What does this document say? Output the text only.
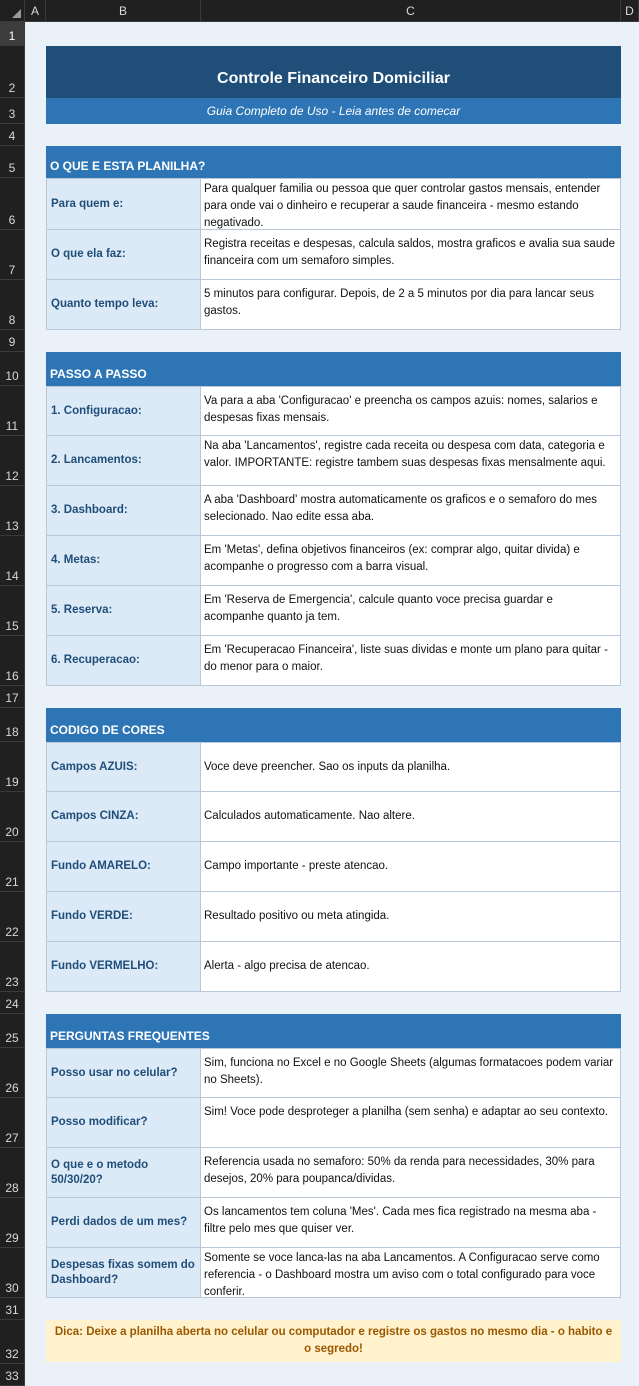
A	B	C	D
1
2
3
4
5
6
7
8
9
10
11
12
13
14
15
16
17
18
19
20
21
22
23
24
25
26
27
28
29
30
31
32
33
Controle Financeiro Domiciliar
Guia Completo de Uso - Leia antes de comecar
O QUE E ESTA PLANILHA?
Para quem e:
Para qualquer familia ou pessoa que quer controlar gastos mensais, entender para onde vai o dinheiro e recuperar a saude financeira - mesmo estando negativado.
O que ela faz:
Registra receitas e despesas, calcula saldos, mostra graficos e avalia sua saude financeira com um semaforo simples.
Quanto tempo leva:
5 minutos para configurar. Depois, de 2 a 5 minutos por dia para lancar seus gastos.
PASSO A PASSO
1. Configuracao:
Va para a aba 'Configuracao' e preencha os campos azuis: nomes, salarios e despesas fixas mensais.
2. Lancamentos:
Na aba 'Lancamentos', registre cada receita ou despesa com data, categoria e valor. IMPORTANTE: registre tambem suas despesas fixas mensalmente aqui.
3. Dashboard:
A aba 'Dashboard' mostra automaticamente os graficos e o semaforo do mes selecionado. Nao edite essa aba.
4. Metas:
Em 'Metas', defina objetivos financeiros (ex: comprar algo, quitar divida) e acompanhe o progresso com a barra visual.
5. Reserva:
Em 'Reserva de Emergencia', calcule quanto voce precisa guardar e acompanhe quanto ja tem.
6. Recuperacao:
Em 'Recuperacao Financeira', liste suas dividas e monte um plano para quitar - do menor para o maior.
CODIGO DE CORES
Campos AZUIS:	Voce deve preencher. Sao os inputs da planilha.
Campos CINZA:	Calculados automaticamente. Nao altere.
Fundo AMARELO:	Campo importante - preste atencao.
Fundo VERDE:	Resultado positivo ou meta atingida.
Fundo VERMELHO:	Alerta - algo precisa de atencao.
PERGUNTAS FREQUENTES
Posso usar no celular?
Sim, funciona no Excel e no Google Sheets (algumas formatacoes podem variar no Sheets).
Posso modificar?
Sim! Voce pode desproteger a planilha (sem senha) e adaptar ao seu contexto.
O que e o metodo 50/30/20?
Referencia usada no semaforo: 50% da renda para necessidades, 30% para desejos, 20% para poupanca/dividas.
Perdi dados de um mes?
Os lancamentos tem coluna 'Mes'. Cada mes fica registrado na mesma aba - filtre pelo mes que quiser ver.
Despesas fixas somem do Dashboard?
Somente se voce lanca-las na aba Lancamentos. A Configuracao serve como referencia - o Dashboard mostra um aviso com o total configurado para voce conferir.
Dica: Deixe a planilha aberta no celular ou computador e registre os gastos no mesmo dia - o habito e o segredo!
